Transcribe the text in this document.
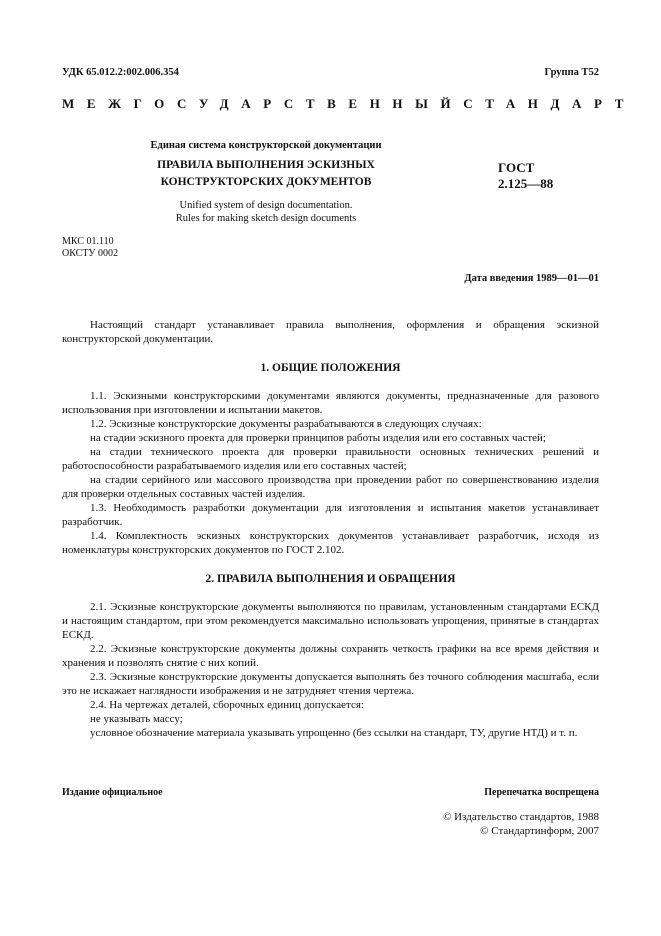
УДК 65.012.2:002.006.354	Группа Т52
МЕЖГОСУДАРСТВЕННЫЙ СТАНДАРТ
Единая система конструкторской документации
ПРАВИЛА ВЫПОЛНЕНИЯ ЭСКИЗНЫХ
КОНСТРУКТОРСКИХ ДОКУМЕНТОВ
ГОСТ
2.125—88
Unified system of design documentation.
Rules for making sketch design documents
МКС 01.110
ОКСТУ 0002
Дата введения 1989—01—01

Настоящий стандарт устанавливает правила выполнения, оформления и обращения эскизной конструкторской документации.

1. ОБЩИЕ ПОЛОЖЕНИЯ

1.1. Эскизными конструкторскими документами являются документы, предназначенные для разового использования при изготовлении и испытании макетов.

1.2. Эскизные конструкторские документы разрабатываются в следующих случаях:

на стадии эскизного проекта для проверки принципов работы изделия или его составных частей;

на стадии технического проекта для проверки правильности основных технических решений и работоспособности разрабатываемого изделия или его составных частей;

на стадии серийного или массового производства при проведении работ по совершенствованию изделия для проверки отдельных составных частей изделия.

1.3. Необходимость разработки документации для изготовления и испытания макетов устанавливает разработчик.

1.4. Комплектность эскизных конструкторских документов устанавливает разработчик, исходя из номенклатуры конструкторских документов по ГОСТ 2.102.

2. ПРАВИЛА ВЫПОЛНЕНИЯ И ОБРАЩЕНИЯ

2.1. Эскизные конструкторские документы выполняются по правилам, установленным стандартами ЕСКД и настоящим стандартом, при этом рекомендуется максимально использовать упрощения, принятые в стандартах ЕСКД.

2.2. Эскизные конструкторские документы должны сохранять четкость графики на все время действия и хранения и позволять снятие с них копий.

2.3. Эскизные конструкторские документы допускается выполнять без точного соблюдения масштаба, если это не искажает наглядности изображения и не затрудняет чтения чертежа.

2.4. На чертежах деталей, сборочных единиц допускается:

не указывать массу;

условное обозначение материала указывать упрощенно (без ссылки на стандарт, ТУ, другие НТД) и т. п.

Издание официальное	Перепечатка воспрещена
© Издательство стандартов, 1988
© Стандартинформ, 2007
